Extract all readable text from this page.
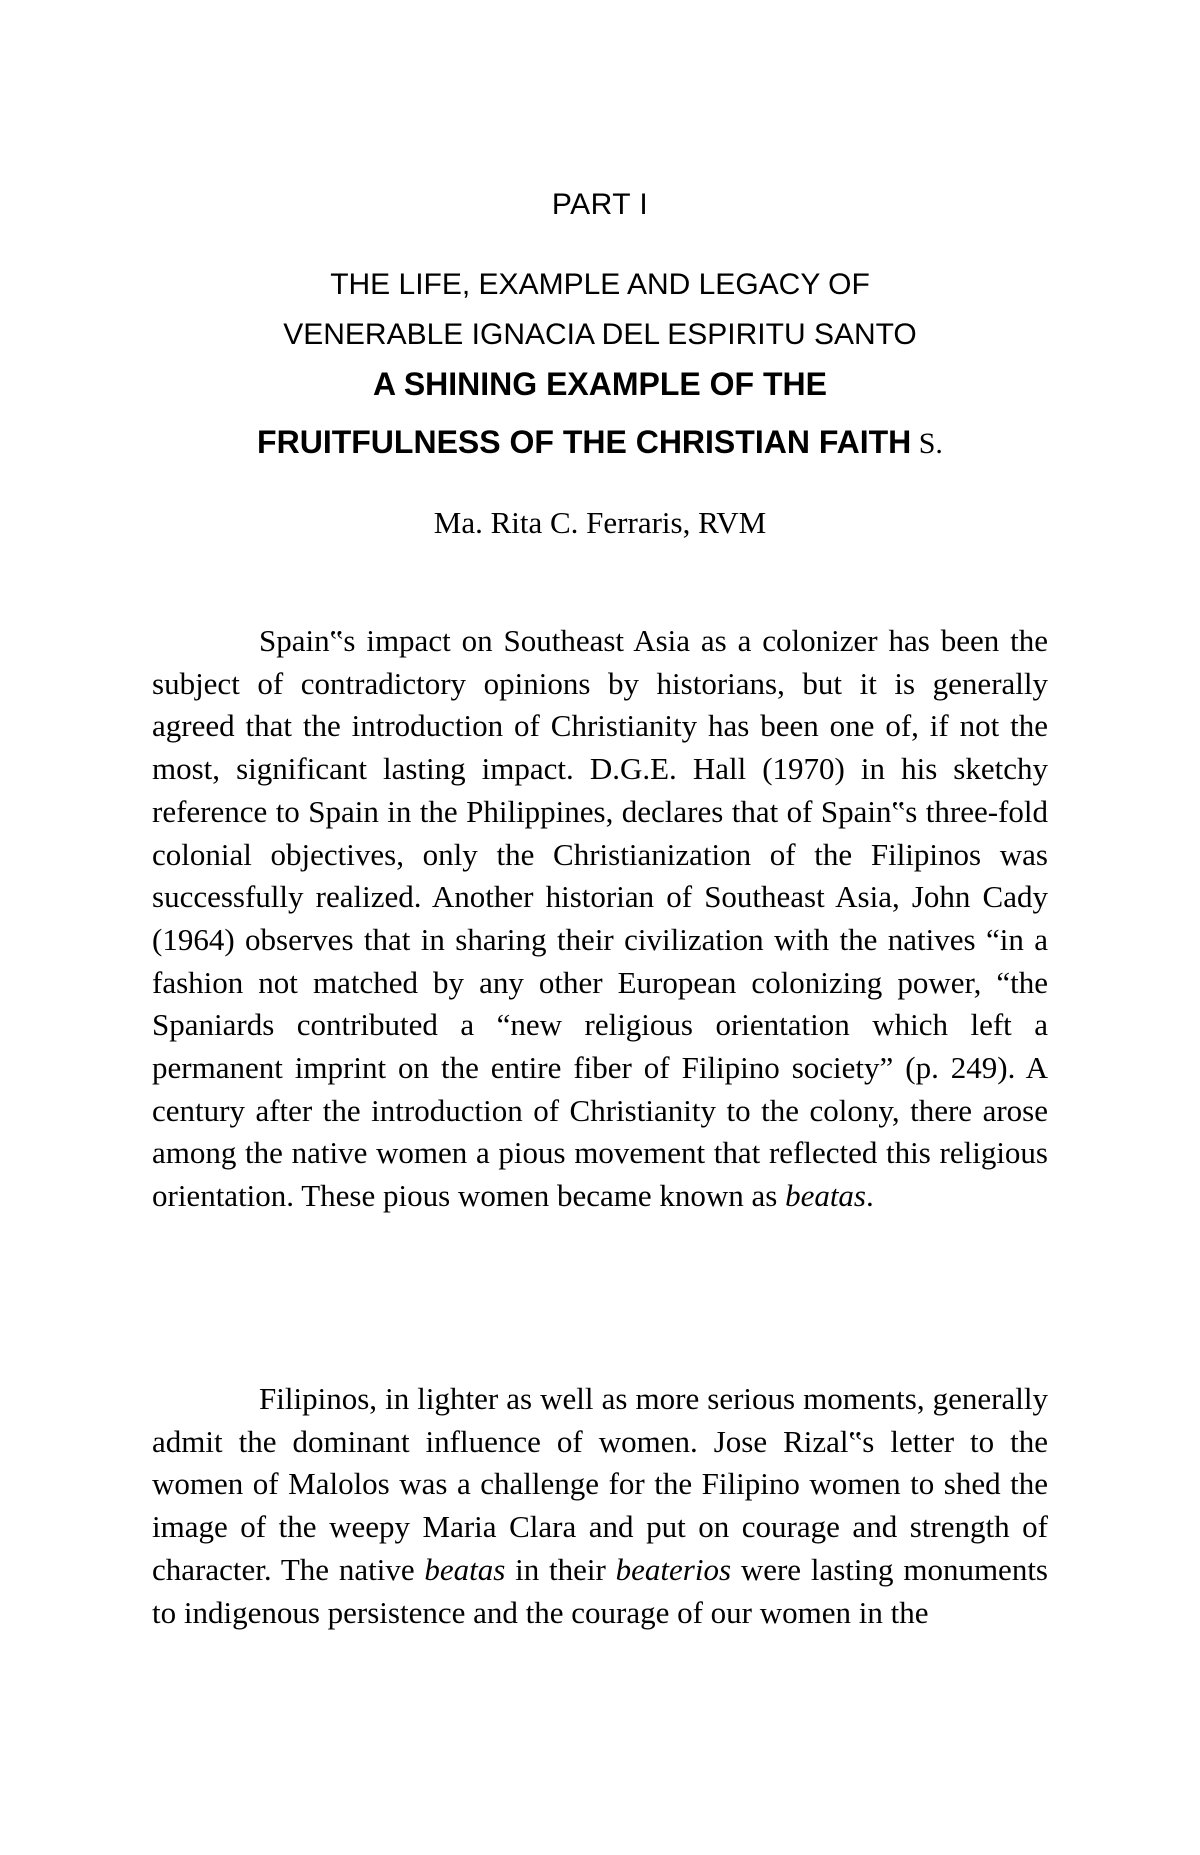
PART I
THE LIFE, EXAMPLE AND LEGACY OF
VENERABLE IGNACIA DEL ESPIRITU SANTO
A SHINING EXAMPLE OF THE
FRUITFULNESS OF THE CHRISTIAN FAITH S.
Ma. Rita C. Ferraris, RVM

Spain‟s impact on Southeast Asia as a colonizer has been the subject of contradictory opinions by historians, but it is generally agreed that the introduction of Christianity has been one of, if not the most, significant lasting impact. D.G.E. Hall (1970) in his sketchy reference to Spain in the Philippines, declares that of Spain‟s three-fold colonial objectives, only the Christianization of the Filipinos was successfully realized. Another historian of Southeast Asia, John Cady (1964) observes that in sharing their civilization with the natives “in a fashion not matched by any other European colonizing power, “the Spaniards contributed a “new religious orientation which left a permanent imprint on the entire fiber of Filipino society” (p. 249). A century after the introduction of Christianity to the colony, there arose among the native women a pious movement that reflected this religious orientation. These pious women became known as beatas.

Filipinos, in lighter as well as more serious moments, generally admit the dominant influence of women. Jose Rizal‟s letter to the women of Malolos was a challenge for the Filipino women to shed the image of the weepy Maria Clara and put on courage and strength of character. The native beatas in their beaterios were lasting monuments to indigenous persistence and the courage of our women in the
